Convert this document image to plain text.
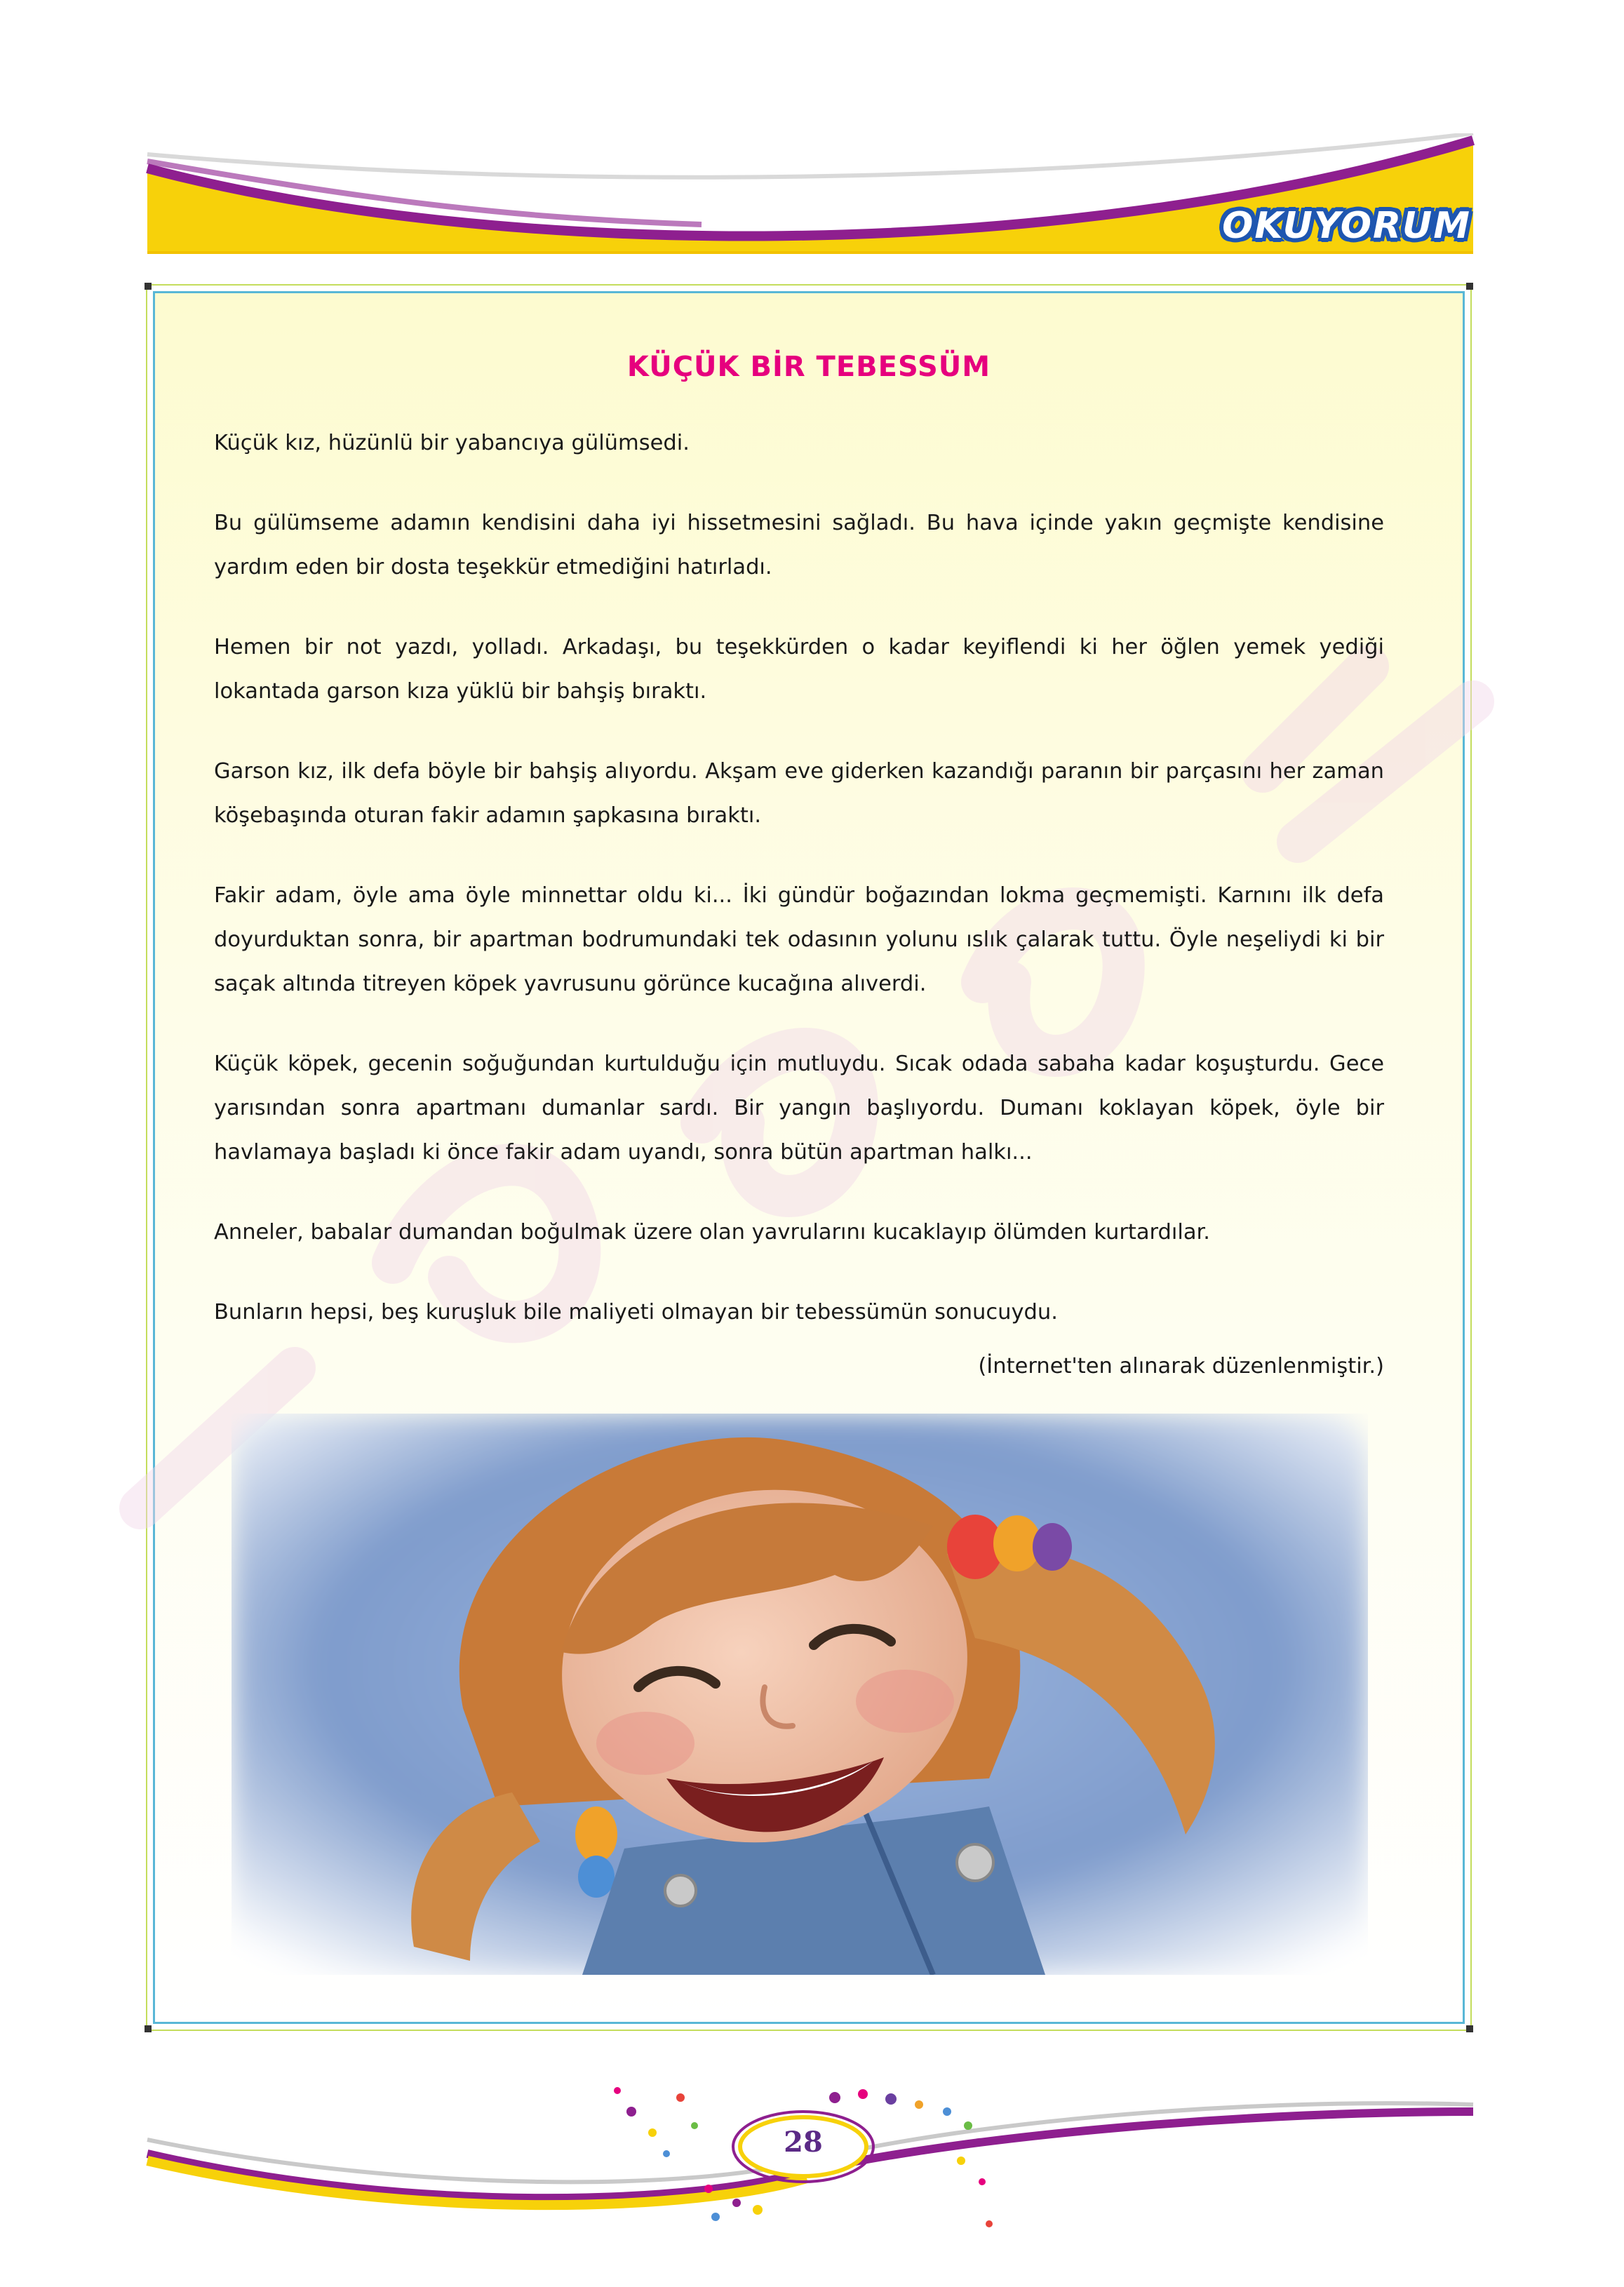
OKUYORUM
KÜÇÜK BİR TEBESSÜM

Küçük kız, hüzünlü bir yabancıya gülümsedi.

Bu gülümseme adamın kendisini daha iyi hissetmesini sağladı. Bu hava içinde yakın geçmişte kendisine yardım eden bir dosta teşekkür etmediğini hatırladı.

Hemen bir not yazdı, yolladı. Arkadaşı, bu teşekkürden o kadar keyiflendi ki her öğlen yemek yediği lokantada garson kıza yüklü bir bahşiş bıraktı.

Garson kız, ilk defa böyle bir bahşiş alıyordu. Akşam eve giderken kazandığı paranın bir parçasını her zaman köşebaşında oturan fakir adamın şapkasına bıraktı.

Fakir adam, öyle ama öyle minnettar oldu ki... İki gündür boğazından lokma geçmemişti. Karnını ilk defa doyurduktan sonra, bir apartman bodrumundaki tek odasının yolunu ıslık çalarak tuttu. Öyle neşeliydi ki bir saçak altında titreyen köpek yavrusunu görünce kucağına alıverdi.

Küçük köpek, gecenin soğuğundan kurtulduğu için mutluydu. Sıcak odada sabaha kadar koşuşturdu. Gece yarısından sonra apartmanı dumanlar sardı. Bir yangın başlıyordu. Dumanı koklayan köpek, öyle bir havlamaya başladı ki önce fakir adam uyandı, sonra bütün apartman halkı...

Anneler, babalar dumandan boğulmak üzere olan yavrularını kucaklayıp ölümden kurtardılar.

Bunların hepsi, beş kuruşluk bile maliyeti olmayan bir tebessümün sonucuydu.

(İnternet'ten alınarak düzenlenmiştir.)
28
